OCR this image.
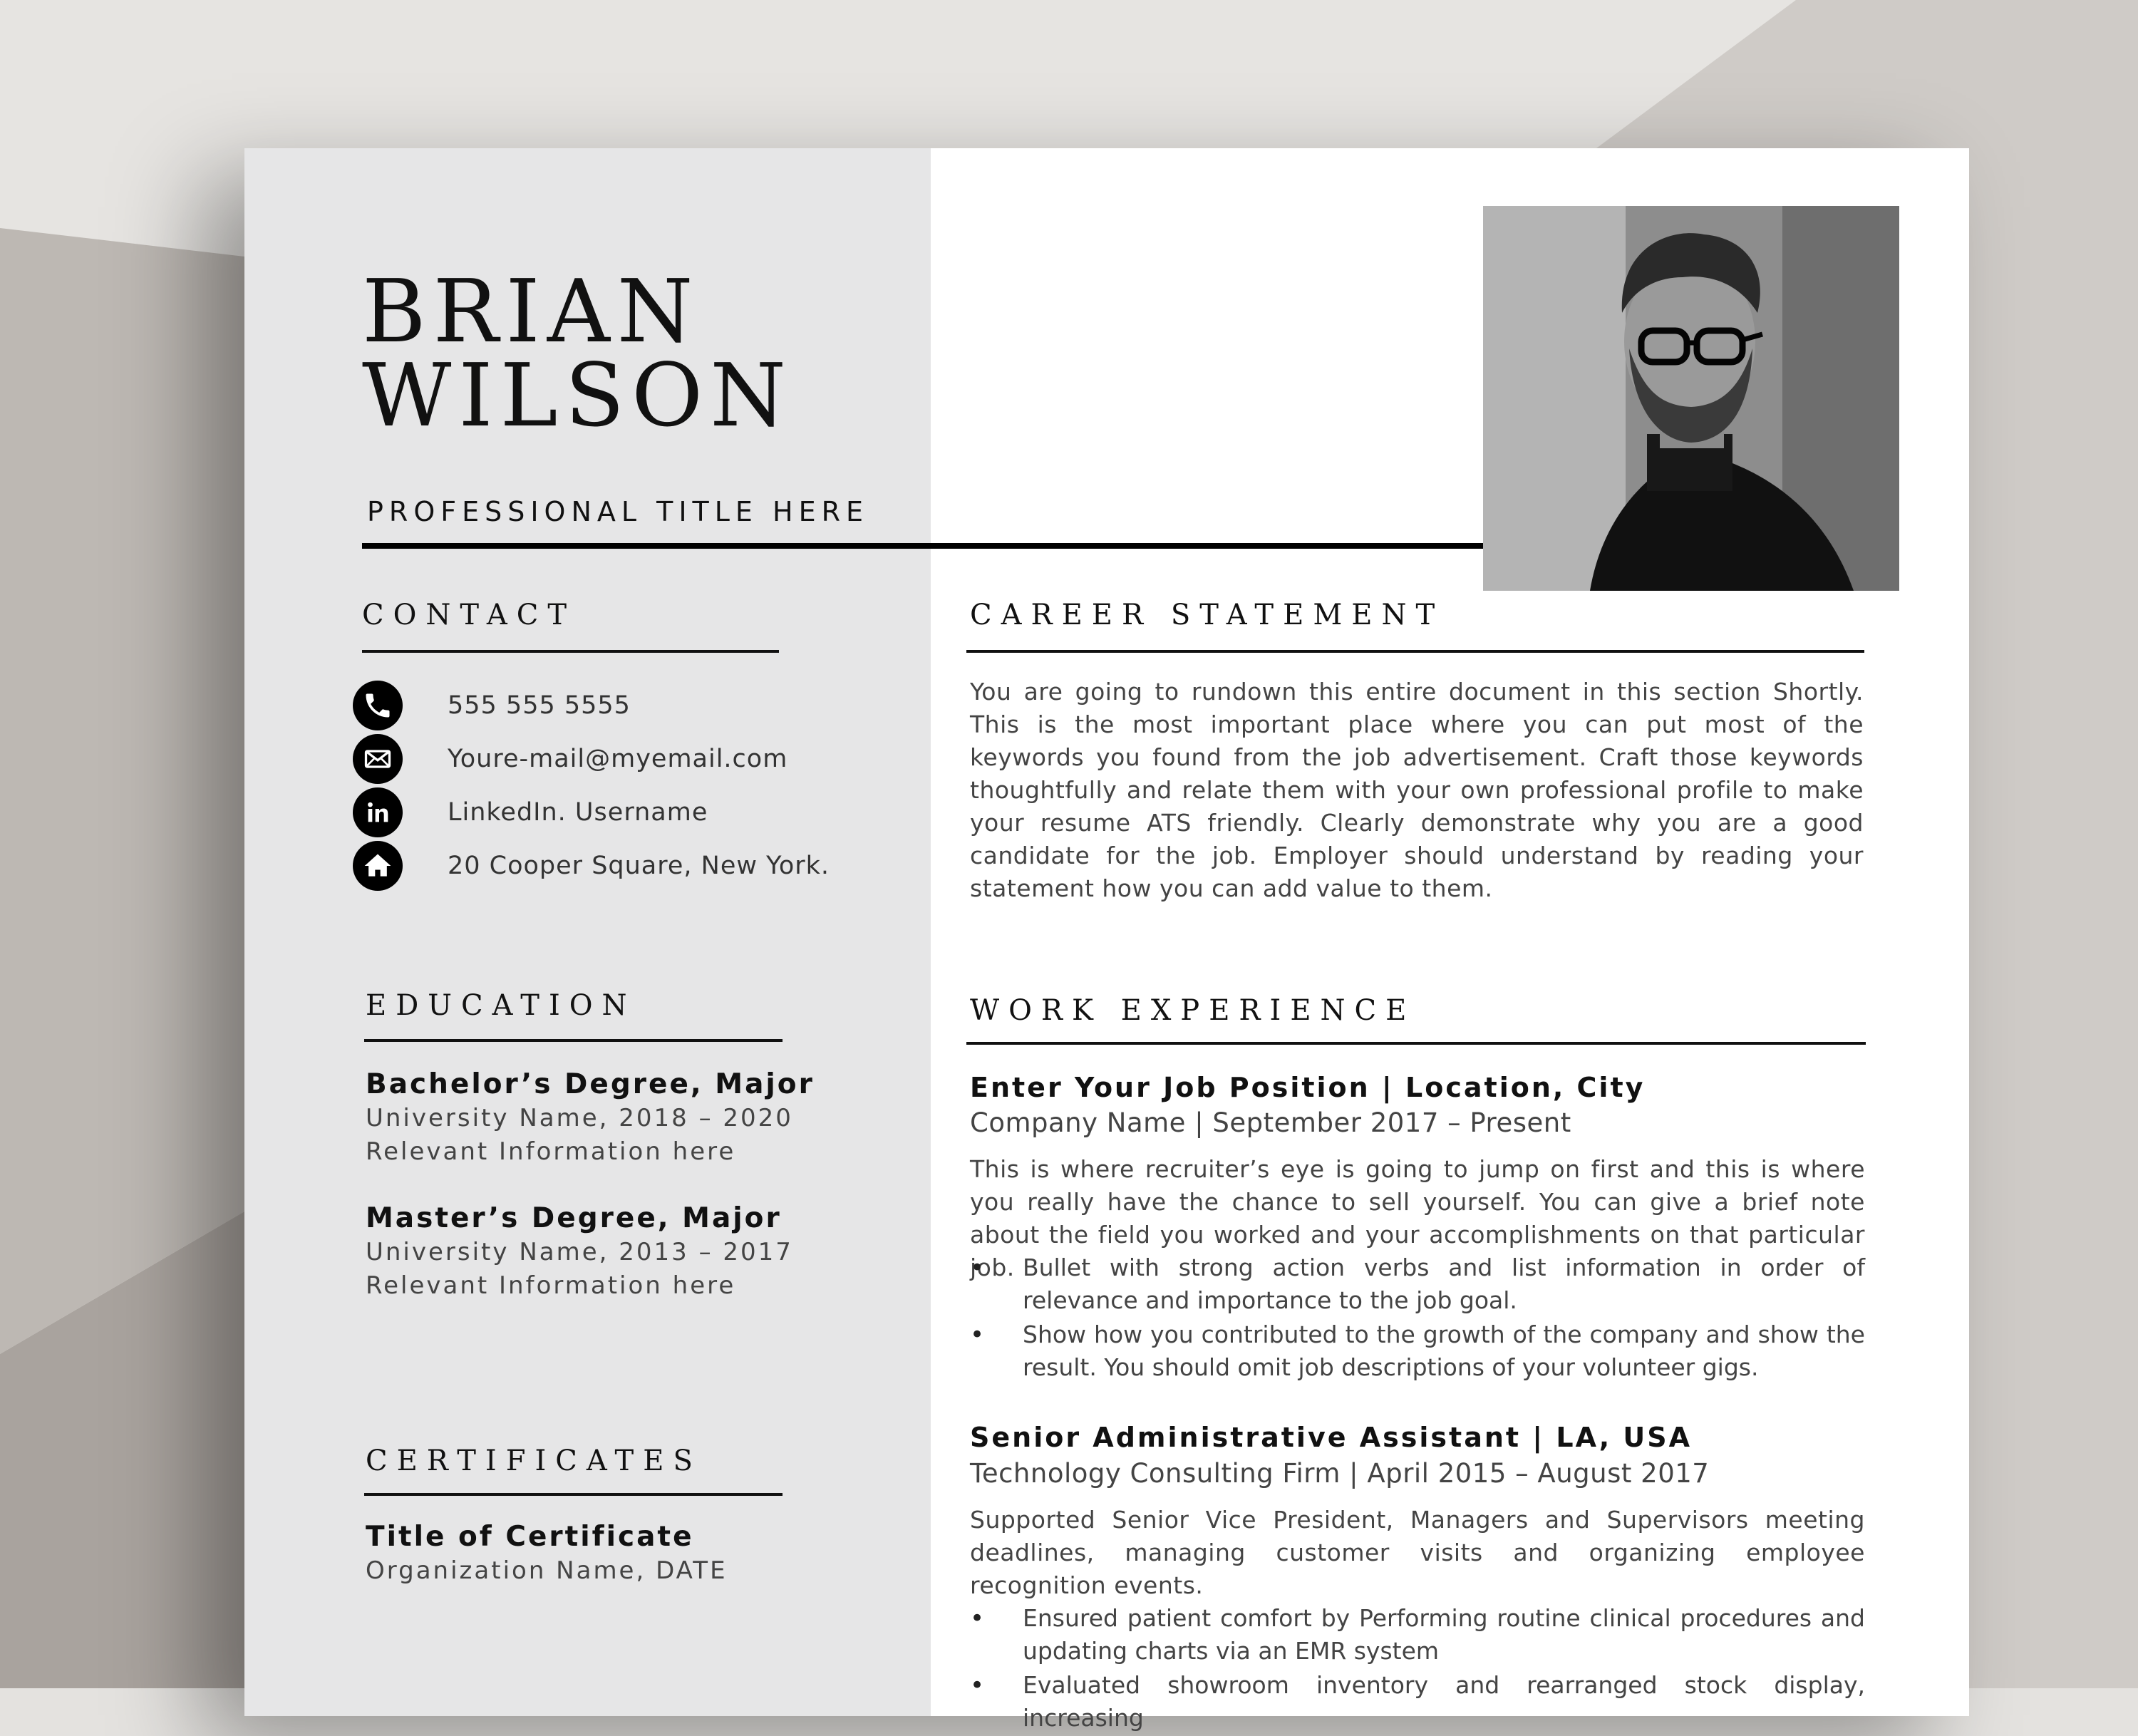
BRIAN
WILSON
PROFESSIONAL TITLE HERE
CONTACT
555 555 5555
Youre-mail@myemail.com
LinkedIn. Username
20 Cooper Square, New York.
EDUCATION
Bachelor’s Degree, Major
University Name, 2018 – 2020
Relevant Information here
Master’s Degree, Major
University Name, 2013 – 2017
Relevant Information here
CERTIFICATES
Title of Certificate
Organization Name, DATE
CAREER STATEMENT
You are going to rundown this entire document in this section Shortly. This is the most important place where you can put most of the keywords you found from the job advertisement. Craft those keywords thoughtfully and relate them with your own professional profile to make your resume ATS friendly. Clearly demonstrate why you are a good candidate for the job. Employer should understand by reading your statement how you can add value to them.
WORK EXPERIENCE
Enter Your Job Position | Location, City
Company Name | September 2017 – Present
This is where recruiter’s eye is going to jump on first and this is where you really have the chance to sell yourself. You can give a brief note about the field you worked and your accomplishments on that particular job.
• Bullet with strong action verbs and list information in order of relevance and importance to the job goal.
• Show how you contributed to the growth of the company and show the result. You should omit job descriptions of your volunteer gigs.
Senior Administrative Assistant | LA, USA
Technology Consulting Firm | April 2015 – August 2017
Supported Senior Vice President, Managers and Supervisors meeting deadlines, managing customer visits and organizing employee recognition events.
• Ensured patient comfort by Performing routine clinical procedures and updating charts via an EMR system
• Evaluated showroom inventory and rearranged stock display, increasing
